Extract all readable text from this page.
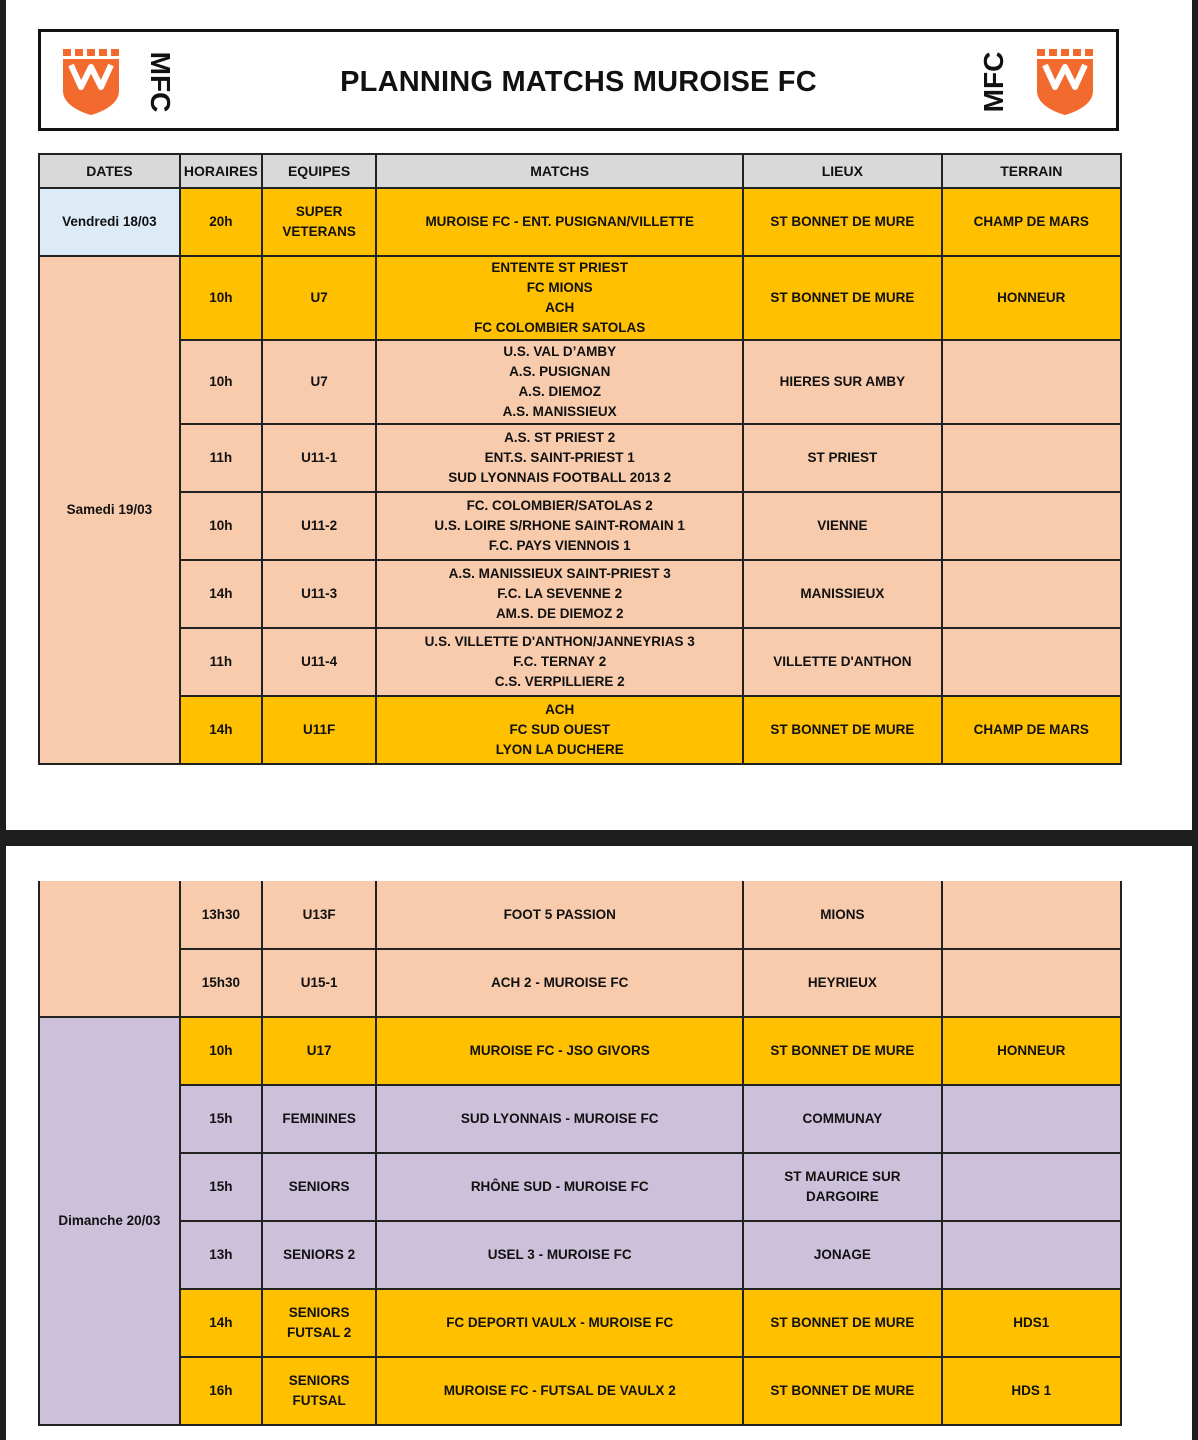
MFC	PLANNING MATCHS MUROISE FC	MFC
DATES	HORAIRES	EQUIPES	MATCHS	LIEUX	TERRAIN
Vendredi 18/03	20h	SUPER VETERANS	MUROISE FC - ENT. PUSIGNAN/VILLETTE	ST BONNET DE MURE	CHAMP DE MARS
Samedi 19/03	10h	U7	ENTENTE ST PRIEST
FC MIONS
ACH
FC COLOMBIER SATOLAS	ST BONNET DE MURE	HONNEUR
	10h	U7	U.S. VAL D’AMBY
A.S. PUSIGNAN
A.S. DIEMOZ
A.S. MANISSIEUX	HIERES SUR AMBY	
	11h	U11-1	A.S. ST PRIEST 2
ENT.S. SAINT-PRIEST 1
SUD LYONNAIS FOOTBALL 2013 2	ST PRIEST	
	10h	U11-2	FC. COLOMBIER/SATOLAS 2
U.S. LOIRE S/RHONE SAINT-ROMAIN 1
F.C. PAYS VIENNOIS 1	VIENNE	
	14h	U11-3	A.S. MANISSIEUX SAINT-PRIEST 3
F.C. LA SEVENNE 2
AM.S. DE DIEMOZ 2	MANISSIEUX	
	11h	U11-4	U.S. VILLETTE D'ANTHON/JANNEYRIAS 3
F.C. TERNAY 2
C.S. VERPILLIERE 2	VILLETTE D'ANTHON	
	14h	U11F	ACH
FC SUD OUEST
LYON LA DUCHERE	ST BONNET DE MURE	CHAMP DE MARS
	13h30	U13F	FOOT 5 PASSION	MIONS	
	15h30	U15-1	ACH 2 - MUROISE FC	HEYRIEUX	
Dimanche 20/03	10h	U17	MUROISE FC - JSO GIVORS	ST BONNET DE MURE	HONNEUR
	15h	FEMININES	SUD LYONNAIS - MUROISE FC	COMMUNAY	
	15h	SENIORS	RHÔNE SUD - MUROISE FC	ST MAURICE SUR DARGOIRE	
	13h	SENIORS 2	USEL 3 - MUROISE FC	JONAGE	
	14h	SENIORS FUTSAL 2	FC DEPORTI VAULX - MUROISE FC	ST BONNET DE MURE	HDS1
	16h	SENIORS FUTSAL	MUROISE FC - FUTSAL DE VAULX 2	ST BONNET DE MURE	HDS 1
